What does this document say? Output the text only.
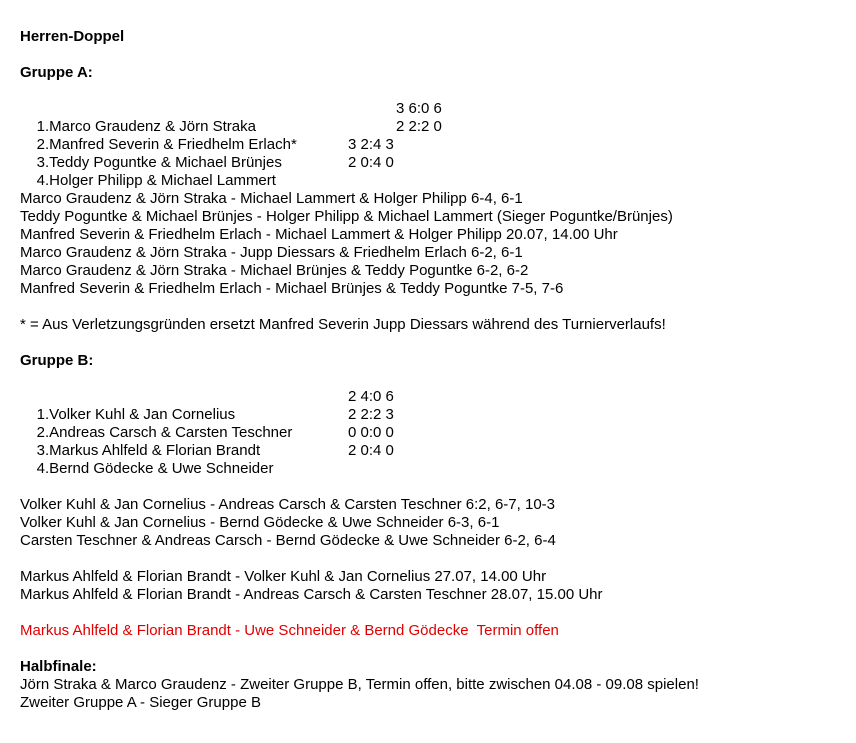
Herren-Doppel
Gruppe A:

1.Marco Graudenz & Jörn Straka

3 6:0 6

2.Manfred Severin & Friedhelm Erlach*

2 2:2 0

3.Teddy Poguntke & Michael Brünjes

3 2:4 3

4.Holger Philipp & Michael Lammert

2 0:4 0

Marco Graudenz & Jörn Straka - Michael Lammert & Holger Philipp 6-4, 6-1
Teddy Poguntke & Michael Brünjes - Holger Philipp & Michael Lammert (Sieger Poguntke/Brünjes)
Manfred Severin & Friedhelm Erlach - Michael Lammert & Holger Philipp 20.07, 14.00 Uhr
Marco Graudenz & Jörn Straka - Jupp Diessars & Friedhelm Erlach 6-2, 6-1
Marco Graudenz & Jörn Straka - Michael Brünjes & Teddy Poguntke 6-2, 6-2
Manfred Severin & Friedhelm Erlach - Michael Brünjes & Teddy Poguntke 7-5, 7-6
* = Aus Verletzungsgründen ersetzt Manfred Severin Jupp Diessars während des Turnierverlaufs!
Gruppe B:

1.Volker Kuhl & Jan Cornelius

2 4:0 6

2.Andreas Carsch & Carsten Teschner

2 2:2 3

3.Markus Ahlfeld & Florian Brandt

0 0:0 0

4.Bernd Gödecke & Uwe Schneider

2 0:4 0

Volker Kuhl & Jan Cornelius - Andreas Carsch & Carsten Teschner 6:2, 6-7, 10-3
Volker Kuhl & Jan Cornelius - Bernd Gödecke & Uwe Schneider 6-3, 6-1
Carsten Teschner & Andreas Carsch - Bernd Gödecke & Uwe Schneider 6-2, 6-4
Markus Ahlfeld & Florian Brandt - Volker Kuhl & Jan Cornelius 27.07, 14.00 Uhr
Markus Ahlfeld & Florian Brandt - Andreas Carsch & Carsten Teschner 28.07, 15.00 Uhr
Markus Ahlfeld & Florian Brandt - Uwe Schneider & Bernd Gödecke  Termin offen
Halbfinale:
Jörn Straka & Marco Graudenz - Zweiter Gruppe B, Termin offen, bitte zwischen 04.08 - 09.08 spielen!
Zweiter Gruppe A - Sieger Gruppe B
